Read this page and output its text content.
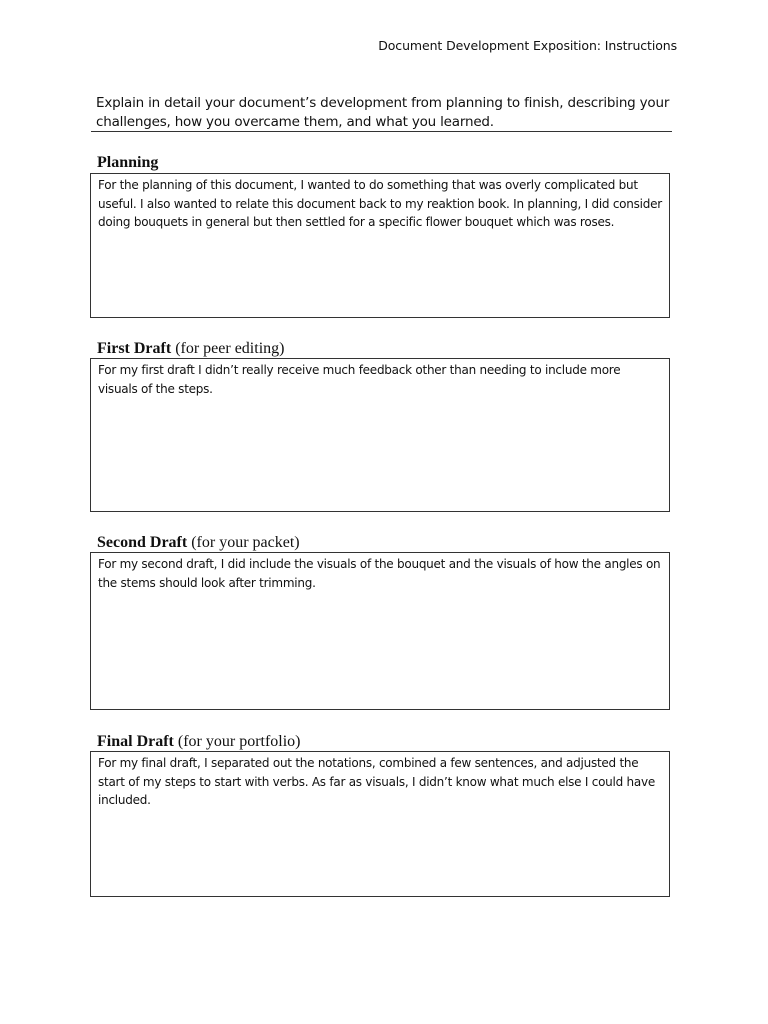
Document Development Exposition: Instructions
Explain in detail your document’s development from planning to finish, describing your challenges, how you overcame them, and what you learned.
Planning
For the planning of this document, I wanted to do something that was overly complicated but useful. I also wanted to relate this document back to my reaktion book. In planning, I did consider doing bouquets in general but then settled for a specific flower bouquet which was roses.
First Draft (for peer editing)
For my first draft I didn’t really receive much feedback other than needing to include more visuals of the steps.
Second Draft (for your packet)
For my second draft, I did include the visuals of the bouquet and the visuals of how the angles on the stems should look after trimming.
Final Draft (for your portfolio)
For my final draft, I separated out the notations, combined a few sentences, and adjusted the start of my steps to start with verbs. As far as visuals, I didn’t know what much else I could have included.
